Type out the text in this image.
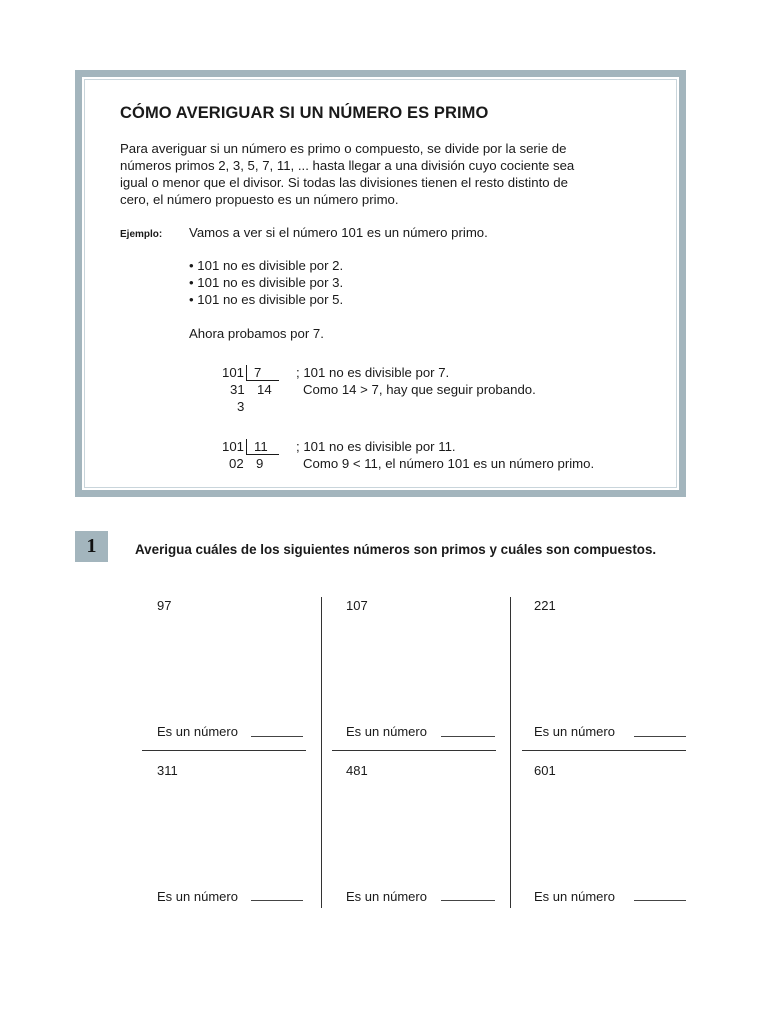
CÓMO AVERIGUAR SI UN NÚMERO ES PRIMO
Para averiguar si un número es primo o compuesto, se divide por la serie de
números primos 2, 3, 5, 7, 11, ... hasta llegar a una división cuyo cociente sea
igual o menor que el divisor. Si todas las divisiones tienen el resto distinto de
cero, el número propuesto es un número primo.
Ejemplo: Vamos a ver si el número 101 es un número primo.
• 101 no es divisible por 2.
• 101 no es divisible por 3.
• 101 no es divisible por 5.
Ahora probamos por 7.
101 7	; 101 no es divisible por 7.
31 14 Como 14 > 7, hay que seguir probando.
3
101 11 ; 101 no es divisible por 11.
02 9	Como 9 < 11, el número 101 es un número primo.
1	Averigua cuáles de los siguientes números son primos y cuáles son compuestos.
97	107	221
Es un número	Es un número	Es un número
311	481	601
Es un número	Es un número	Es un número
